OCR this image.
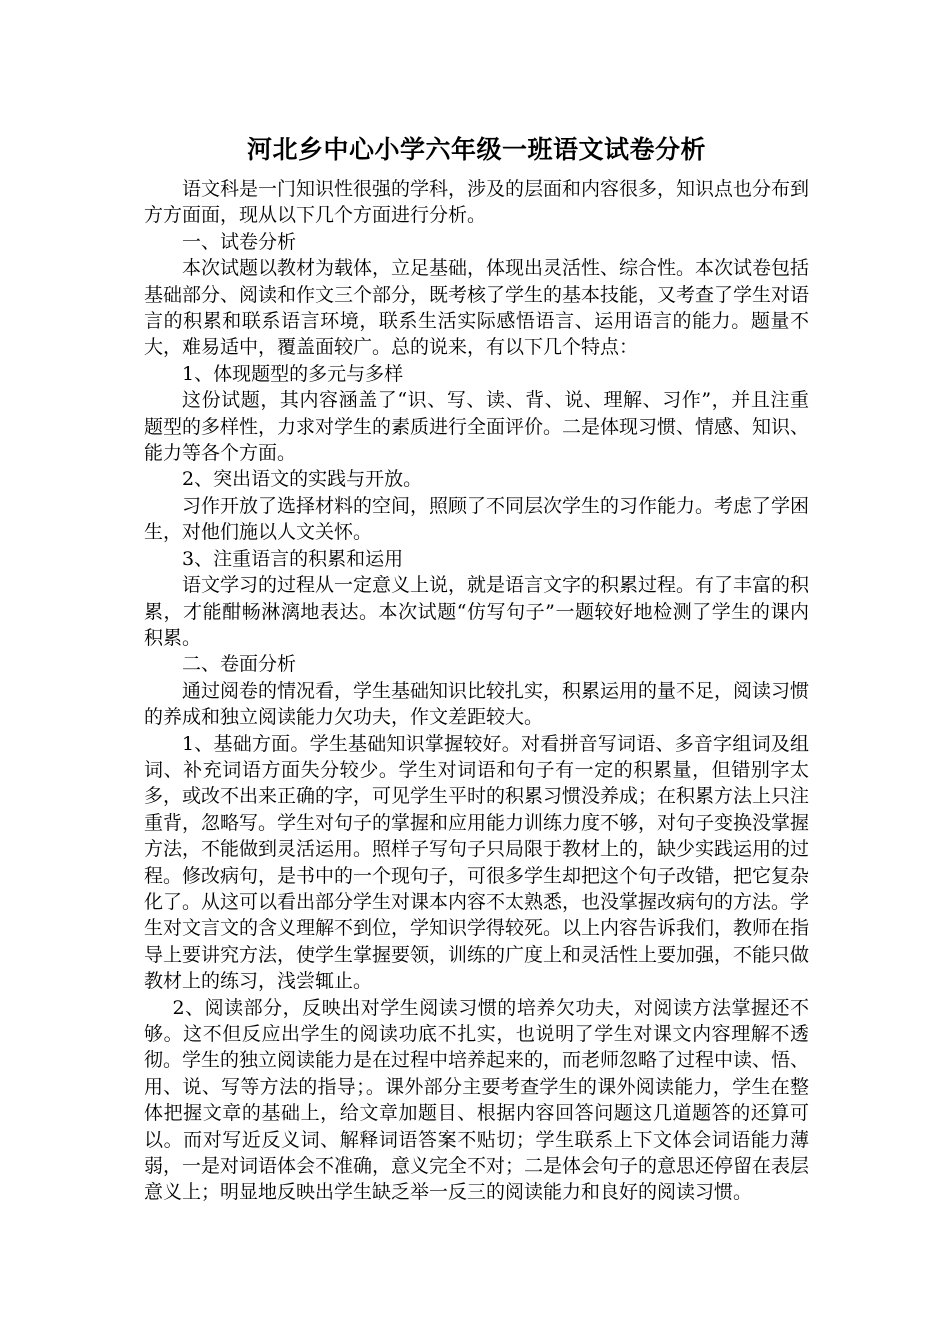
河北乡中心小学六年级一班语文试卷分析

语文科是一门知识性很强的学科，涉及的层面和内容很多，知识点也分布到方方面面，现从以下几个方面进行分析。

一、试卷分析

本次试题以教材为载体，立足基础，体现出灵活性、综合性。本次试卷包括基础部分、阅读和作文三个部分，既考核了学生的基本技能，又考查了学生对语言的积累和联系语言环境，联系生活实际感悟语言、运用语言的能力。题量不大，难易适中，覆盖面较广。总的说来，有以下几个特点：

1、体现题型的多元与多样

这份试题，其内容涵盖了“识、写、读、背、说、理解、习作”，并且注重题型的多样性，力求对学生的素质进行全面评价。二是体现习惯、情感、知识、能力等各个方面。

2、突出语文的实践与开放。

习作开放了选择材料的空间，照顾了不同层次学生的习作能力。考虑了学困生，对他们施以人文关怀。

3、注重语言的积累和运用

语文学习的过程从一定意义上说，就是语言文字的积累过程。有了丰富的积累，才能酣畅淋漓地表达。本次试题“仿写句子”一题较好地检测了学生的课内积累。

二、卷面分析

通过阅卷的情况看，学生基础知识比较扎实，积累运用的量不足，阅读习惯的养成和独立阅读能力欠功夫，作文差距较大。

1、基础方面。学生基础知识掌握较好。对看拼音写词语、多音字组词及组词、补充词语方面失分较少。学生对词语和句子有一定的积累量，但错别字太多，或改不出来正确的字，可见学生平时的积累习惯没养成；在积累方法上只注重背，忽略写。学生对句子的掌握和应用能力训练力度不够，对句子变换没掌握方法，不能做到灵活运用。照样子写句子只局限于教材上的，缺少实践运用的过程。修改病句，是书中的一个现句子，可很多学生却把这个句子改错，把它复杂化了。从这可以看出部分学生对课本内容不太熟悉，也没掌握改病句的方法。学生对文言文的含义理解不到位，学知识学得较死。以上内容告诉我们，教师在指导上要讲究方法，使学生掌握要领，训练的广度上和灵活性上要加强，不能只做教材上的练习，浅尝辄止。

2、阅读部分，反映出对学生阅读习惯的培养欠功夫，对阅读方法掌握还不够。这不但反应出学生的阅读功底不扎实，也说明了学生对课文内容理解不透彻。学生的独立阅读能力是在过程中培养起来的，而老师忽略了过程中读、悟、用、说、写等方法的指导；。课外部分主要考查学生的课外阅读能力，学生在整体把握文章的基础上，给文章加题目、根据内容回答问题这几道题答的还算可以。而对写近反义词、解释词语答案不贴切；学生联系上下文体会词语能力薄弱，一是对词语体会不准确，意义完全不对；二是体会句子的意思还停留在表层意义上；明显地反映出学生缺乏举一反三的阅读能力和良好的阅读习惯。
